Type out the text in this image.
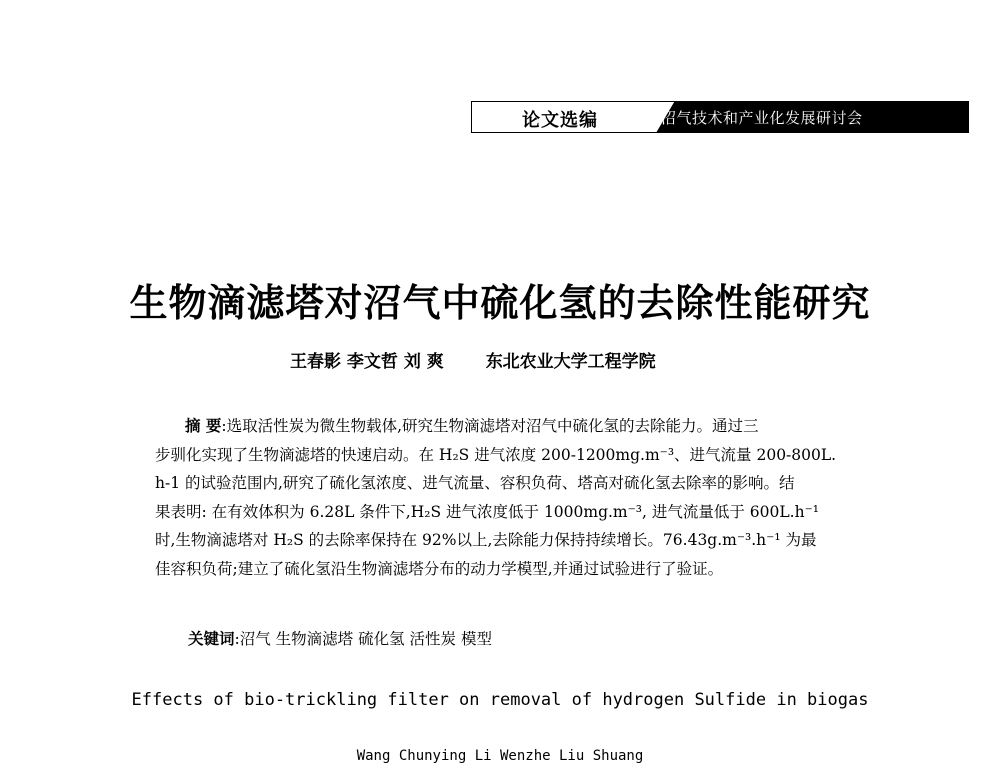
论文选编	沼气技术和产业化发展研讨会
生物滴滤塔对沼气中硫化氢的去除性能研究
王春影 李文哲 刘 爽 东北农业大学工程学院
摘 要:选取活性炭为微生物载体,研究生物滴滤塔对沼气中硫化氢的去除能力。通过三
步驯化实现了生物滴滤塔的快速启动。在 H₂S 进气浓度 200-1200mg.m⁻³、进气流量 200-800L.
h-1 的试验范围内,研究了硫化氢浓度、进气流量、容积负荷、塔高对硫化氢去除率的影响。结
果表明: 在有效体积为 6.28L 条件下,H₂S 进气浓度低于 1000mg.m⁻³, 进气流量低于 600L.h⁻¹
时,生物滴滤塔对 H₂S 的去除率保持在 92%以上,去除能力保持持续增长。76.43g.m⁻³.h⁻¹ 为最
佳容积负荷;建立了硫化氢沿生物滴滤塔分布的动力学模型,并通过试验进行了验证。
关键词:沼气 生物滴滤塔 硫化氢 活性炭 模型
Effects of bio-trickling filter on removal of hydrogen Sulfide in biogas
Wang Chunying Li Wenzhe Liu Shuang
